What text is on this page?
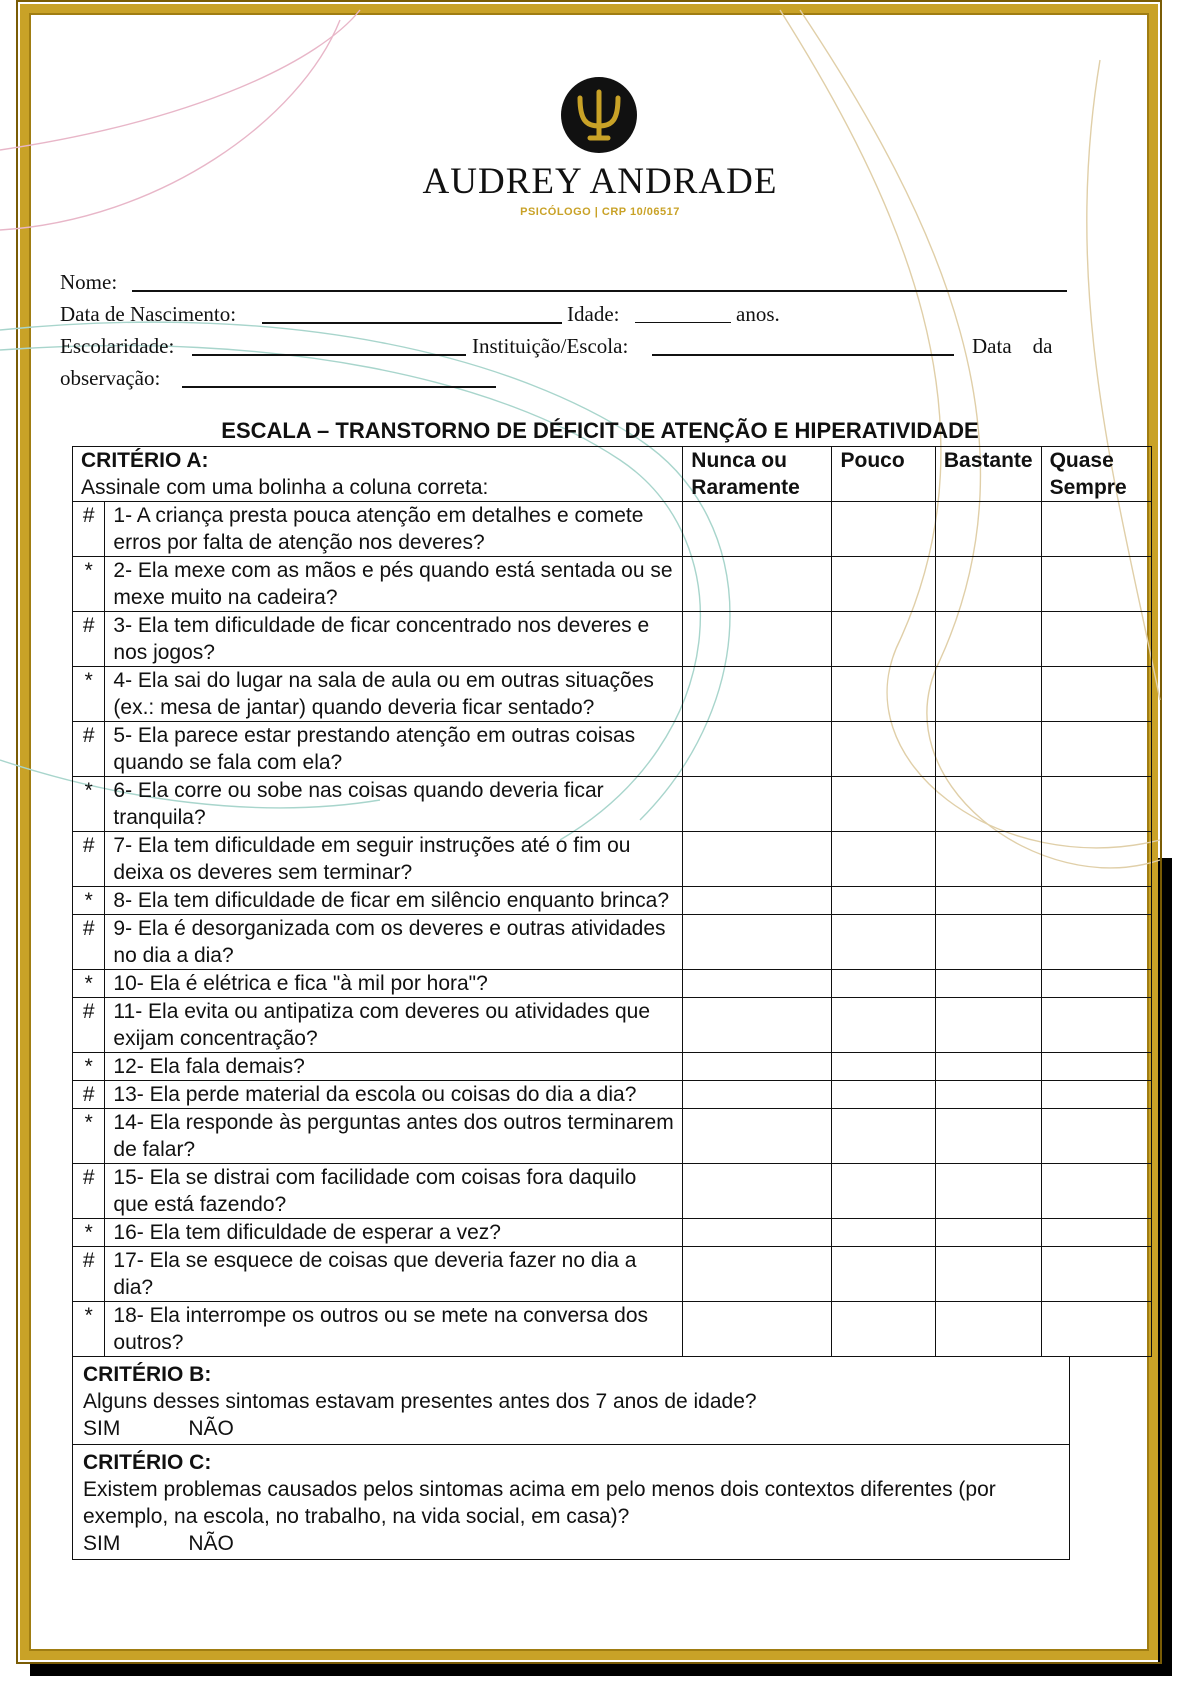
AUDREY ANDRADE
PSICÓLOGO | CRP 10/06517
Nome:
Data de Nascimento:	Idade:	anos.
Escolaridade:	Instituição/Escola:	Data    da
observação:
ESCALA – TRANSTORNO DE DÉFICIT DE ATENÇÃO E HIPERATIVIDADE
CRITÉRIO A:
Assinale com uma bolinha a coluna correta:		Nunca ou Raramente	Pouco	Bastante	Quase Sempre
#	1- A criança presta pouca atenção em detalhes e comete erros por falta de atenção nos deveres?				
*	2- Ela mexe com as mãos e pés quando está sentada ou se mexe muito na cadeira?				
#	3- Ela tem dificuldade de ficar concentrado nos deveres e nos jogos?				
*	4- Ela sai do lugar na sala de aula ou em outras situações (ex.: mesa de jantar) quando deveria ficar sentado?				
#	5- Ela parece estar prestando atenção em outras coisas quando se fala com ela?				
*	6- Ela corre ou sobe nas coisas quando deveria ficar tranquila?				
#	7- Ela tem dificuldade em seguir instruções até o fim ou deixa os deveres sem terminar?				
*	8- Ela tem dificuldade de ficar em silêncio enquanto brinca?				
#	9- Ela é desorganizada com os deveres e outras atividades no dia a dia?				
*	10- Ela é elétrica e fica "à mil por hora"?				
#	11- Ela evita ou antipatiza com deveres ou atividades que exijam concentração?				
*	12- Ela fala demais?				
#	13- Ela perde material da escola ou coisas do dia a dia?				
*	14- Ela responde às perguntas antes dos outros terminarem de falar?				
#	15- Ela se distrai com facilidade com coisas fora daquilo que está fazendo?				
*	16- Ela tem dificuldade de esperar a vez?				
#	17- Ela se esquece de coisas que deveria fazer no dia a dia?				
*	18- Ela interrompe os outros ou se mete na conversa dos outros?				
CRITÉRIO B:
Alguns desses sintomas estavam presentes antes dos 7 anos de idade?
SIM	NÃO

CRITÉRIO C:
Existem problemas causados pelos sintomas acima em pelo menos dois contextos diferentes (por exemplo, na escola, no trabalho, na vida social, em casa)?
SIM	NÃO
